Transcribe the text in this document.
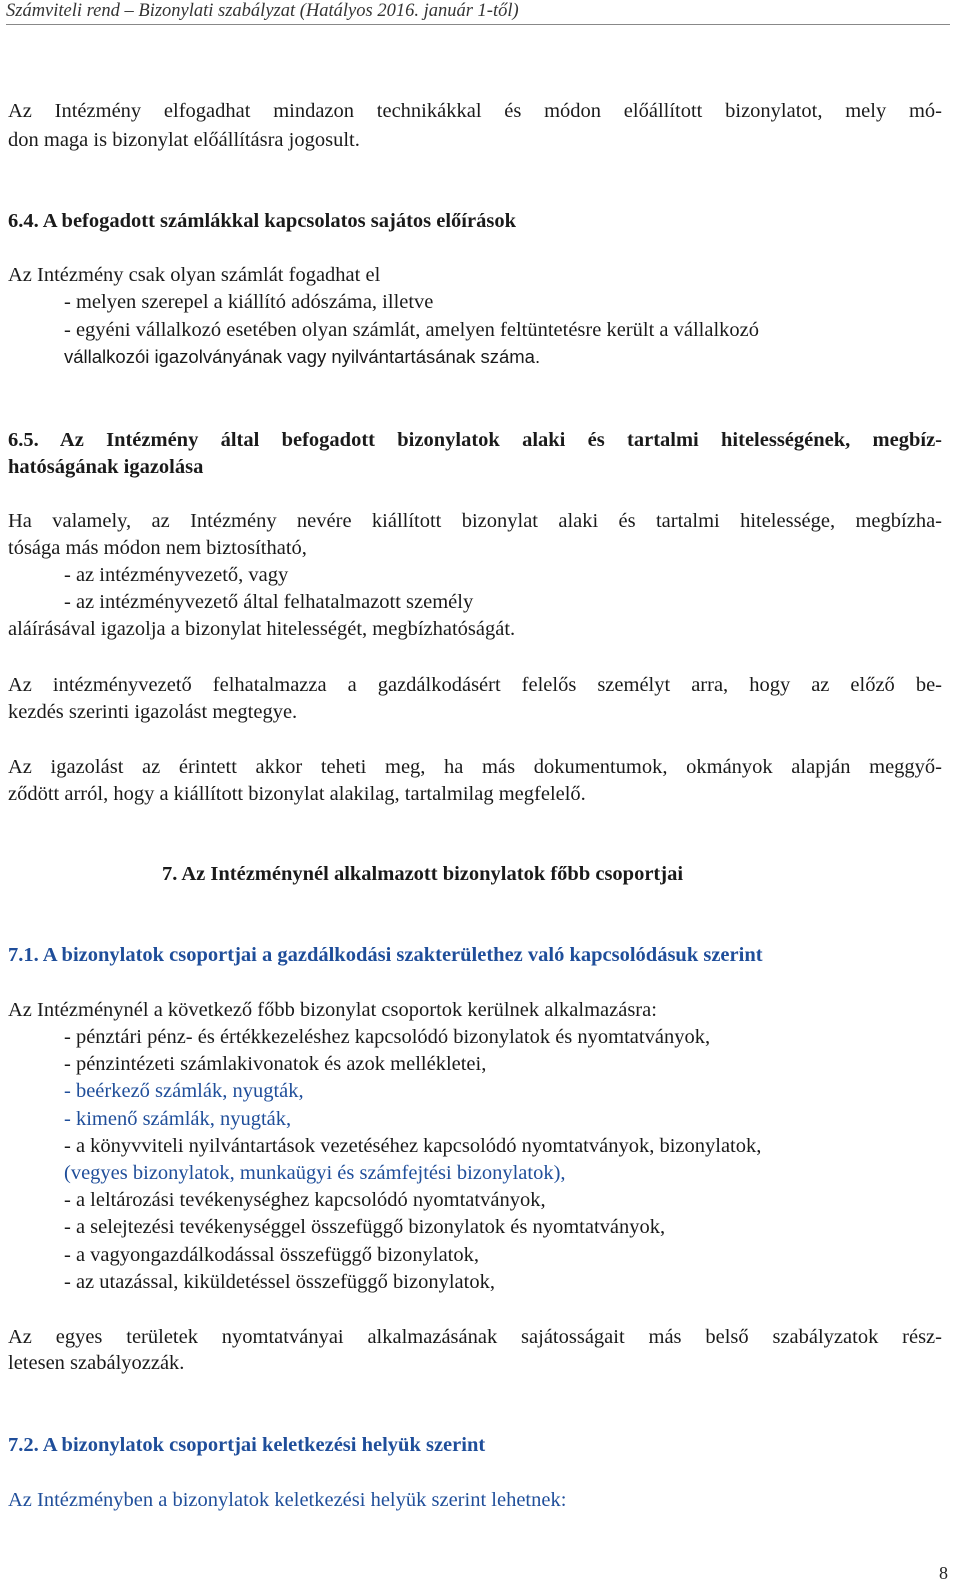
Számviteli rend – Bizonylati szabályzat (Hatályos 2016. január 1-től)
Az Intézmény elfogadhat mindazon technikákkal és módon előállított bizonylatot, mely mó-
don maga is bizonylat előállításra jogosult.
6.4. A befogadott számlákkal kapcsolatos sajátos előírások
Az Intézmény csak olyan számlát fogadhat el
- melyen szerepel a kiállító adószáma, illetve
- egyéni vállalkozó esetében olyan számlát, amelyen feltüntetésre került a vállalkozó
vállalkozói igazolványának vagy nyilvántartásának száma.
6.5. Az Intézmény által befogadott bizonylatok alaki és tartalmi hitelességének, megbíz-
hatóságának igazolása
Ha valamely, az Intézmény nevére kiállított bizonylat alaki és tartalmi hitelessége, megbízha-
tósága más módon nem biztosítható,
- az intézményvezető, vagy
- az intézményvezető által felhatalmazott személy
aláírásával igazolja a bizonylat hitelességét, megbízhatóságát.
Az intézményvezető felhatalmazza a gazdálkodásért felelős személyt arra, hogy az előző be-
kezdés szerinti igazolást megtegye.
Az igazolást az érintett akkor teheti meg, ha más dokumentumok, okmányok alapján meggyő-
ződött arról, hogy a kiállított bizonylat alakilag, tartalmilag megfelelő.
7. Az Intézménynél alkalmazott bizonylatok főbb csoportjai
7.1. A bizonylatok csoportjai a gazdálkodási szakterülethez való kapcsolódásuk szerint
Az Intézménynél a következő főbb bizonylat csoportok kerülnek alkalmazásra:
- pénztári pénz- és értékkezeléshez kapcsolódó bizonylatok és nyomtatványok,
- pénzintézeti számlakivonatok és azok mellékletei,
- beérkező számlák, nyugták,
- kimenő számlák, nyugták,
- a könyvviteli nyilvántartások vezetéséhez kapcsolódó nyomtatványok, bizonylatok,
(vegyes bizonylatok, munkaügyi és számfejtési bizonylatok),
- a leltározási tevékenységhez kapcsolódó nyomtatványok,
- a selejtezési tevékenységgel összefüggő bizonylatok és nyomtatványok,
- a vagyongazdálkodással összefüggő bizonylatok,
- az utazással, kiküldetéssel összefüggő bizonylatok,
Az egyes területek nyomtatványai alkalmazásának sajátosságait más belső szabályzatok rész-
letesen szabályozzák.
7.2. A bizonylatok csoportjai keletkezési helyük szerint
Az Intézményben a bizonylatok keletkezési helyük szerint lehetnek:
8
